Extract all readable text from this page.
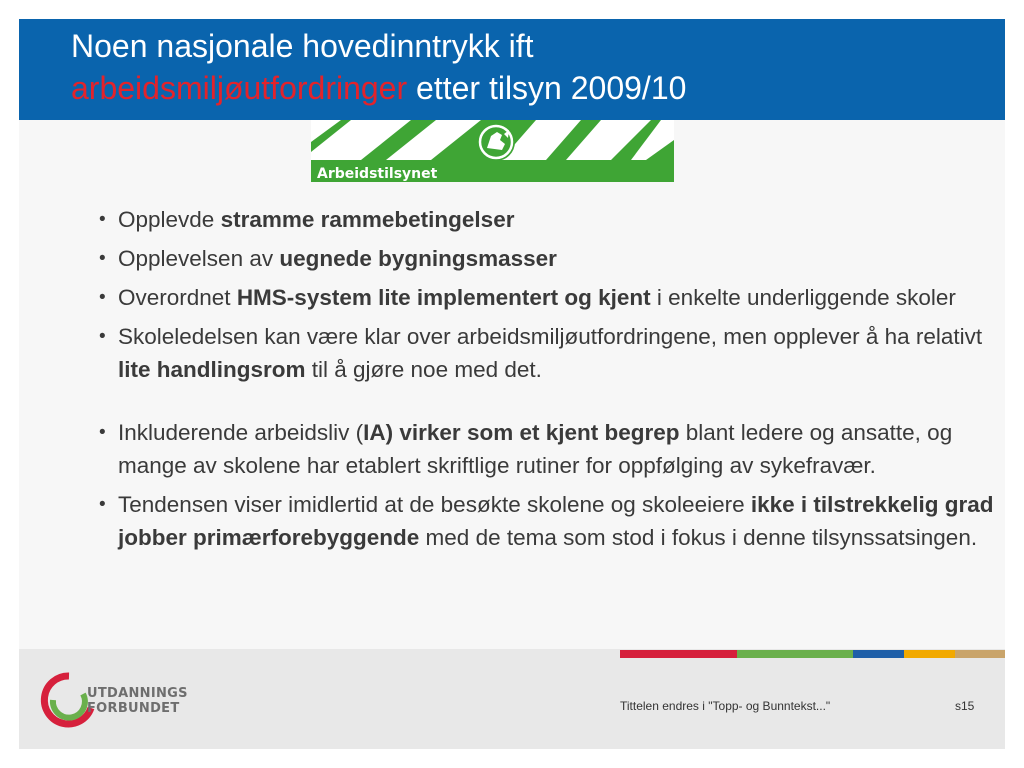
Noen nasjonale hovedinntrykk ift
arbeidsmiljøutfordringer etter tilsyn 2009/10
Arbeidstilsynet
• Opplevde stramme rammebetingelser
• Opplevelsen av uegnede bygningsmasser
• Overordnet HMS-system lite implementert og kjent i enkelte underliggende skoler
• Skoleledelsen kan være klar over arbeidsmiljøutfordringene, men opplever å ha relativt lite handlingsrom til å gjøre noe med det.
• Inkluderende arbeidsliv (IA) virker som et kjent begrep blant ledere og ansatte, og mange av skolene har etablert skriftlige rutiner for oppfølging av sykefravær.
• Tendensen viser imidlertid at de besøkte skolene og skoleeiere ikke i tilstrekkelig grad jobber primærforebyggende med de tema som stod i fokus i denne tilsynssatsingen.
UTDANNINGS
FORBUNDET	Tittelen endres i "Topp- og Bunntekst..."	s15
